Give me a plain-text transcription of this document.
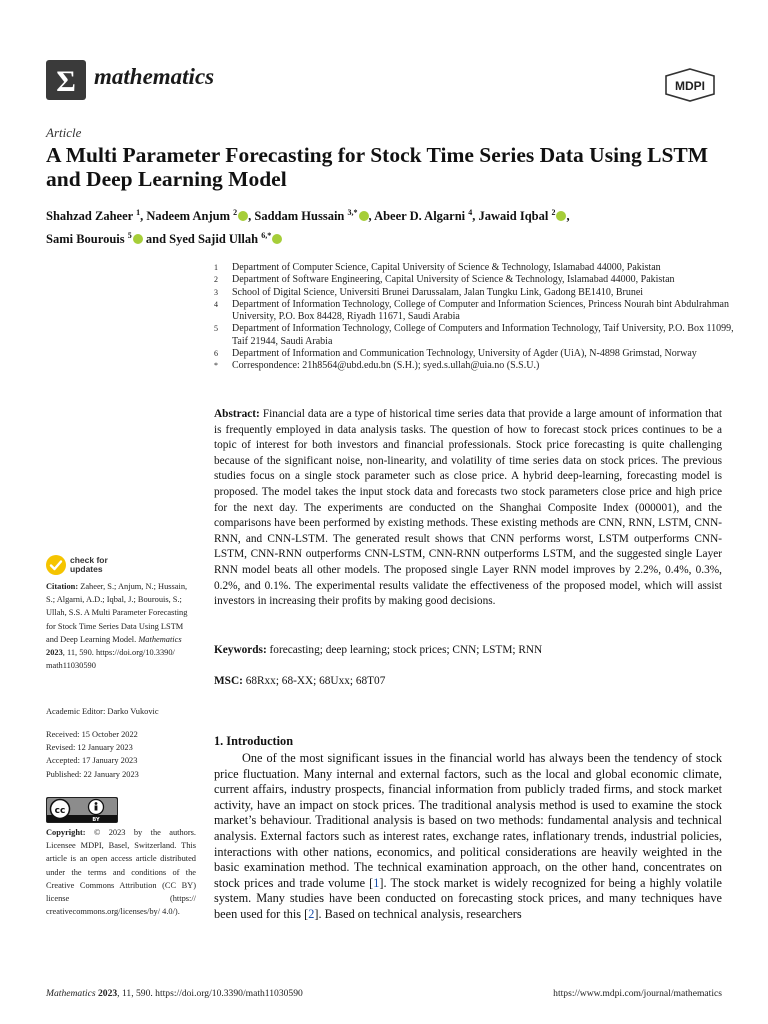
Σ mathematics	MDPI
Article
A Multi Parameter Forecasting for Stock Time Series Data Using LSTM and Deep Learning Model
Shahzad Zaheer $^1$, Nadeem Anjum $^2$ , Saddam Hussain $^{3,*}$ , Abeer D. Algarni $^4$, Jawaid Iqbal $^2$ ,
Sami Bourouis $^5$ and Syed Sajid Ullah $^{6,*}$
1	Department of Computer Science, Capital University of Science & Technology, Islamabad 44000, Pakistan
2	Department of Software Engineering, Capital University of Science & Technology, Islamabad 44000, Pakistan
3	School of Digital Science, Universiti Brunei Darussalam, Jalan Tungku Link, Gadong BE1410, Brunei
4	Department of Information Technology, College of Computer and Information Sciences, Princess Nourah bint Abdulrahman University, P.O. Box 84428, Riyadh 11671, Saudi Arabia
5	Department of Information Technology, College of Computers and Information Technology, Taif University, P.O. Box 11099, Taif 21944, Saudi Arabia
6	Department of Information and Communication Technology, University of Agder (UiA), N-4898 Grimstad, Norway
*	Correspondence: 21h8564@ubd.edu.bn (S.H.); syed.s.ullah@uia.no (S.S.U.)
Abstract: Financial data are a type of historical time series data that provide a large amount of information that is frequently employed in data analysis tasks. The question of how to forecast stock prices continues to be a topic of interest for both investors and financial professionals. Stock price forecasting is quite challenging because of the significant noise, non-linearity, and volatility of time series data on stock prices. The previous studies focus on a single stock parameter such as close price. A hybrid deep-learning, forecasting model is proposed. The model takes the input stock data and forecasts two stock parameters close price and high price for the next day. The experiments are conducted on the Shanghai Composite Index (000001), and the comparisons have been performed by existing methods. These existing methods are CNN, RNN, LSTM, CNN-RNN, and CNN-LSTM. The generated result shows that CNN performs worst, LSTM outperforms CNN-LSTM, CNN-RNN outperforms CNN-LSTM, CNN-RNN outperforms LSTM, and the suggested single Layer RNN model beats all other models. The proposed single Layer RNN model improves by 2.2%, 0.4%, 0.3%, 0.2%, and 0.1%. The experimental results validate the effectiveness of the proposed model, which will assist investors in increasing their profits by making good decisions.
Keywords: forecasting; deep learning; stock prices; CNN; LSTM; RNN
MSC: 68Rxx; 68-XX; 68Uxx; 68T07
1. Introduction
One of the most significant issues in the financial world has always been the tendency of stock price fluctuation. Many internal and external factors, such as the local and global economic climate, current affairs, industry prospects, financial information from publicly traded firms, and stock market activity, have an impact on stock prices. The traditional analysis method is used to examine the stock market’s behaviour. Traditional analysis is based on two methods: fundamental analysis and technical analysis. External factors such as interest rates, exchange rates, inflationary trends, industrial policies, interactions with other nations, economics, and political considerations are heavily weighted in the basic examination method. The technical examination approach, on the other hand, concentrates on stock prices and trade volume [1]. The stock market is widely recognized for being a highly volatile system. Many studies have been conducted on forecasting stock prices, and many techniques have been used for this [2]. Based on technical analysis, researchers
check for
updates
Citation: Zaheer, S.; Anjum, N.; Hussain, S.; Algarni, A.D.; Iqbal, J.; Bourouis, S.; Ullah, S.S. A Multi Parameter Forecasting for Stock Time Series Data Using LSTM and Deep Learning Model. Mathematics 2023, 11, 590. https://doi.org/10.3390/ math11030590
Academic Editor: Darko Vukovic
Received: 15 October 2022
Revised: 12 January 2023
Accepted: 17 January 2023
Published: 22 January 2023
cc
BY
Copyright: © 2023 by the authors. Licensee MDPI, Basel, Switzerland. This article is an open access article distributed under the terms and conditions of the Creative Commons Attribution (CC BY) license (https:// creativecommons.org/licenses/by/ 4.0/).
Mathematics 2023, 11, 590. https://doi.org/10.3390/math11030590	https://www.mdpi.com/journal/mathematics
